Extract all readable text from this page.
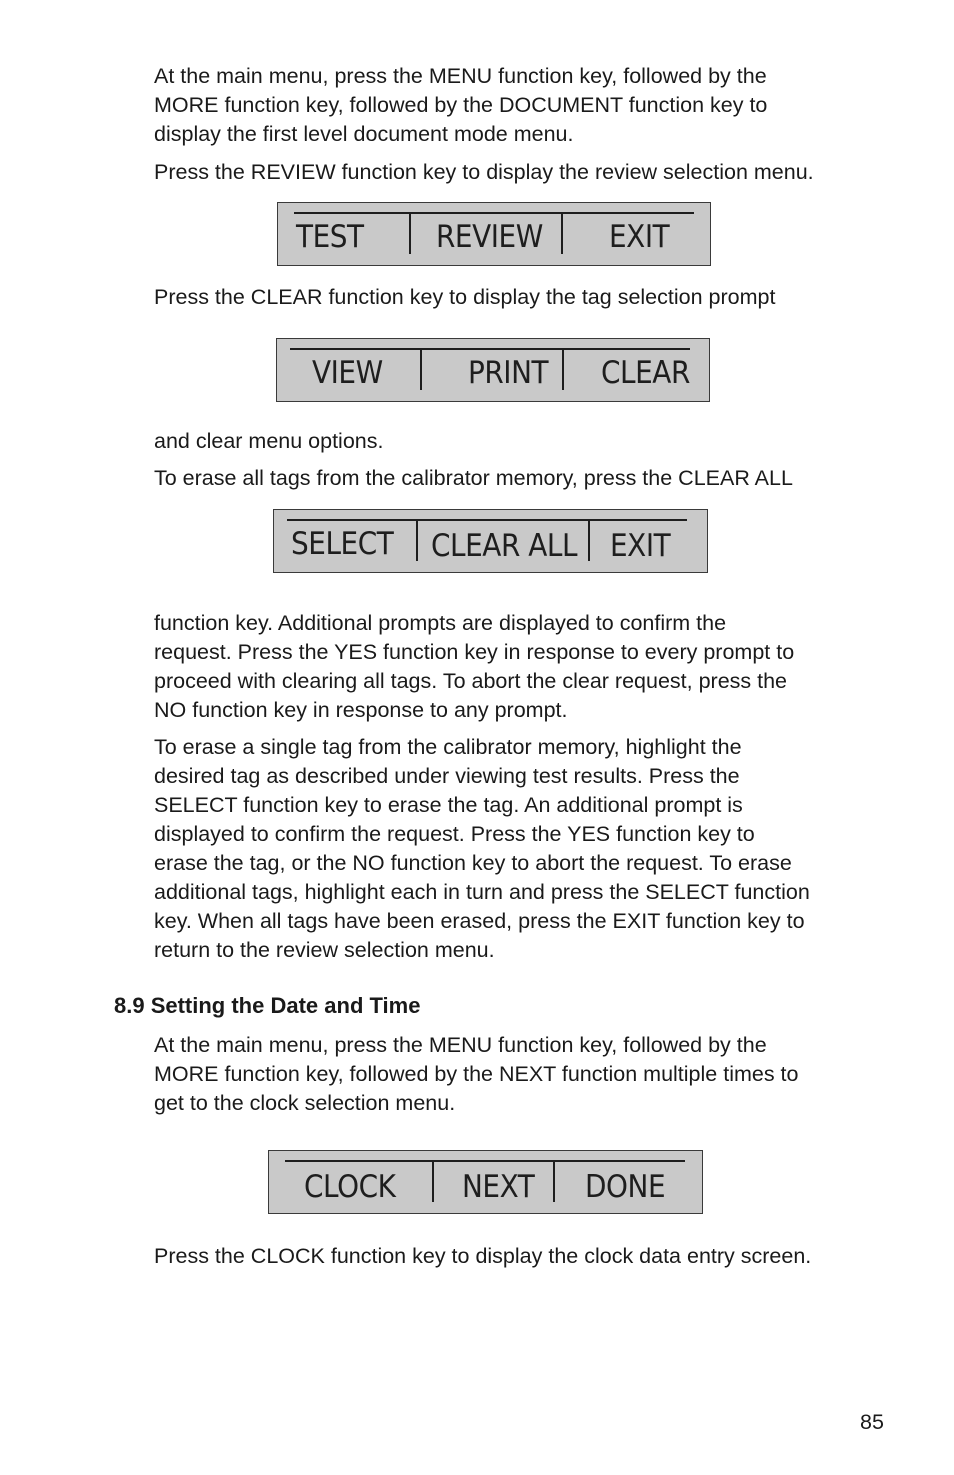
At the main menu, press the MENU function key, followed by the
MORE function key, followed by the DOCUMENT function key to
display the first level document mode menu.
Press the REVIEW function key to display the review selection menu.
TEST REVIEW EXIT
Press the CLEAR function key to display the tag selection prompt
VIEW	PRINT CLEAR
and clear menu options.
To erase all tags from the calibrator memory, press the CLEAR ALL
SELECT CLEAR ALL EXIT
function key. Additional prompts are displayed to confirm the
request. Press the YES function key in response to every prompt to
proceed with clearing all tags. To abort the clear request, press the
NO function key in response to any prompt.
To erase a single tag from the calibrator memory, highlight the
desired tag as described under viewing test results. Press the
SELECT function key to erase the tag. An additional prompt is
displayed to confirm the request. Press the YES function key to
erase the tag, or the NO function key to abort the request. To erase
additional tags, highlight each in turn and press the SELECT function
key. When all tags have been erased, press the EXIT function key to
return to the review selection menu.
8.9 Setting the Date and Time
At the main menu, press the MENU function key, followed by the
MORE function key, followed by the NEXT function multiple times to
get to the clock selection menu.
CLOCK NEXT DONE
Press the CLOCK function key to display the clock data entry screen.
85
